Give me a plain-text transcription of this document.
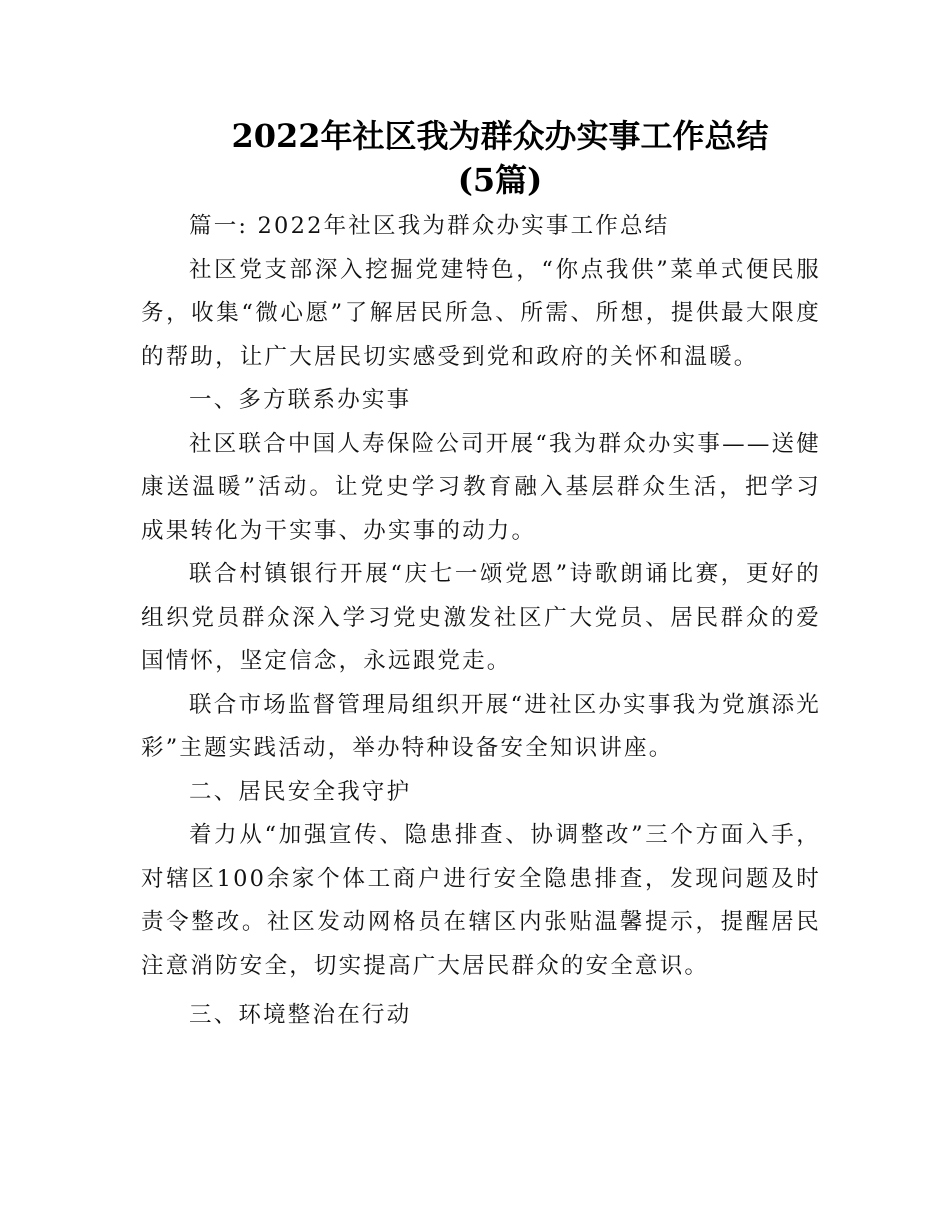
2022年社区我为群众办实事工作总结
(5篇)

篇一: 2022年社区我为群众办实事工作总结

社区党支部深入挖掘党建特色，“你点我供”菜单式便民服务，收集“微心愿”了解居民所急、所需、所想，提供最大限度的帮助，让广大居民切实感受到党和政府的关怀和温暖。

一、多方联系办实事

社区联合中国人寿保险公司开展“我为群众办实事——送健康送温暖”活动。让党史学习教育融入基层群众生活，把学习成果转化为干实事、办实事的动力。

联合村镇银行开展“庆七一颂党恩”诗歌朗诵比赛，更好的组织党员群众深入学习党史激发社区广大党员、居民群众的爱国情怀，坚定信念，永远跟党走。

联合市场监督管理局组织开展“进社区办实事我为党旗添光彩”主题实践活动，举办特种设备安全知识讲座。

二、居民安全我守护

着力从“加强宣传、隐患排查、协调整改”三个方面入手，对辖区100余家个体工商户进行安全隐患排查，发现问题及时责令整改。社区发动网格员在辖区内张贴温馨提示，提醒居民注意消防安全，切实提高广大居民群众的安全意识。

三、环境整治在行动
